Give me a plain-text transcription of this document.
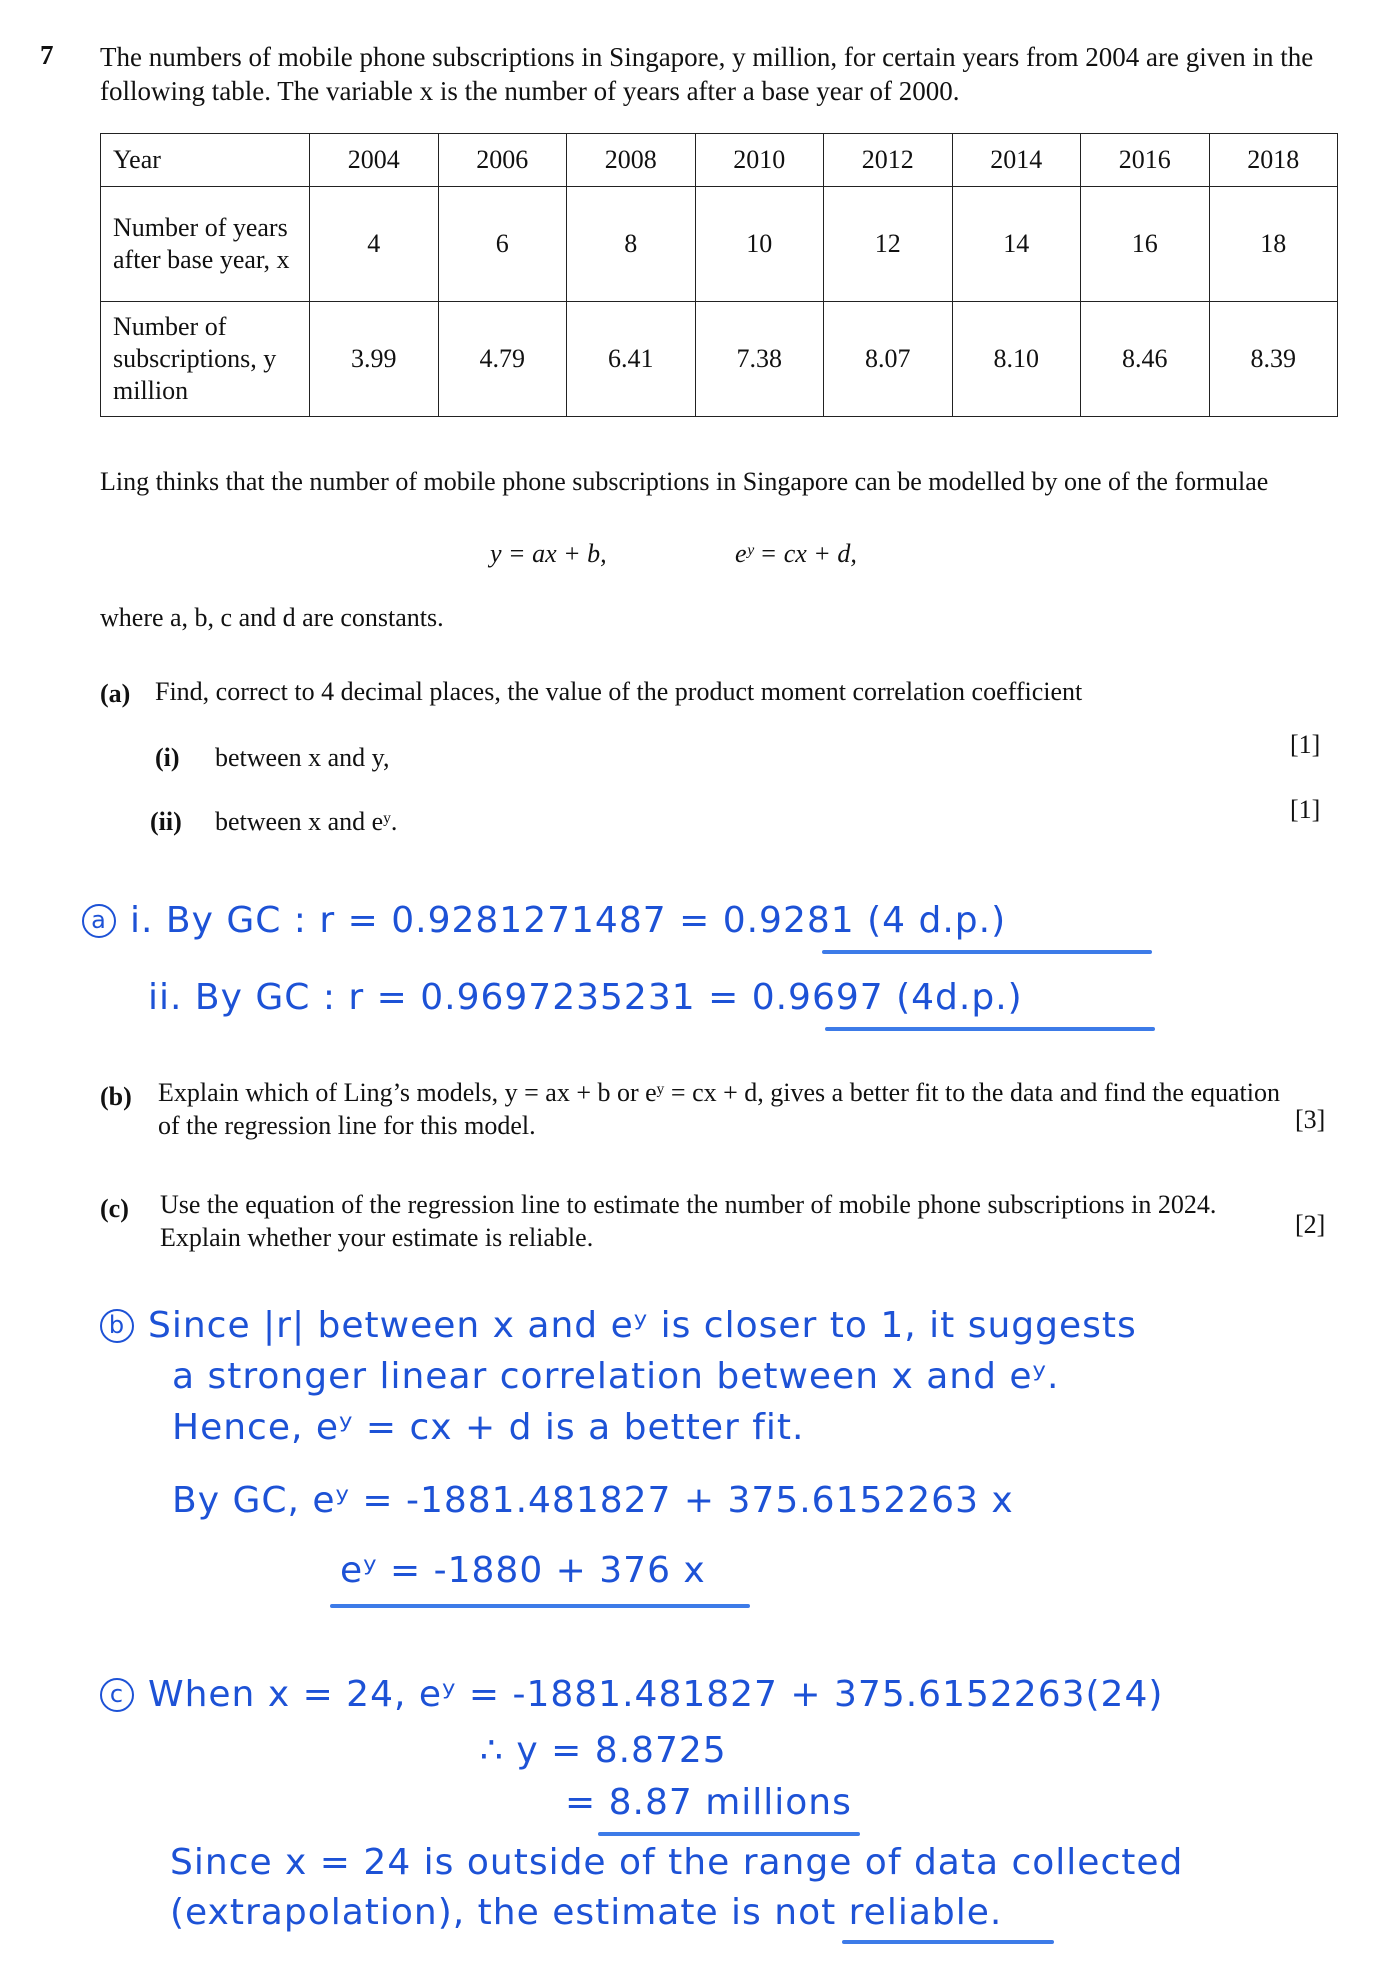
7 The numbers of mobile phone subscriptions in Singapore, y million, for certain years from 2004 are given in the following table. The variable x is the number of years after a base year of 2000.
Year	2004	2006	2008	2010	2012	2014	2016	2018
Number of years after base year, x	4	6	8	10	12	14	16	18
Number of subscriptions, y million	3.99	4.79	6.41	7.38	8.07	8.10	8.46	8.39
Ling thinks that the number of mobile phone subscriptions in Singapore can be modelled by one of the formulae
y = ax + b,	eʸ = cx + d,
where a, b, c and d are constants.
(a) Find, correct to 4 decimal places, the value of the product moment correlation coefficient
(i) between x and y,	[1]
(ii) between x and eʸ.	[1]
a i. By GC : r = 0.9281271487 = 0.9281 (4 d.p.)
ii. By GC : r = 0.9697235231 = 0.9697 (4d.p.)
(b) Explain which of Ling’s models, y = ax + b or eʸ = cx + d, gives a better fit to the data and find the equation of the regression line for this model.	[3]
(c) Use the equation of the regression line to estimate the number of mobile phone subscriptions in 2024. Explain whether your estimate is reliable.	[2]
b Since |r| between x and eʸ is closer to 1, it suggests
a stronger linear correlation between x and eʸ.
Hence, eʸ = cx + d is a better fit.
By GC, eʸ = -1881.481827 + 375.6152263 x
eʸ = -1880 + 376 x
c When x = 24, eʸ = -1881.481827 + 375.6152263(24)
∴ y = 8.8725
= 8.87 millions
Since x = 24 is outside of the range of data collected
(extrapolation), the estimate is not reliable.
